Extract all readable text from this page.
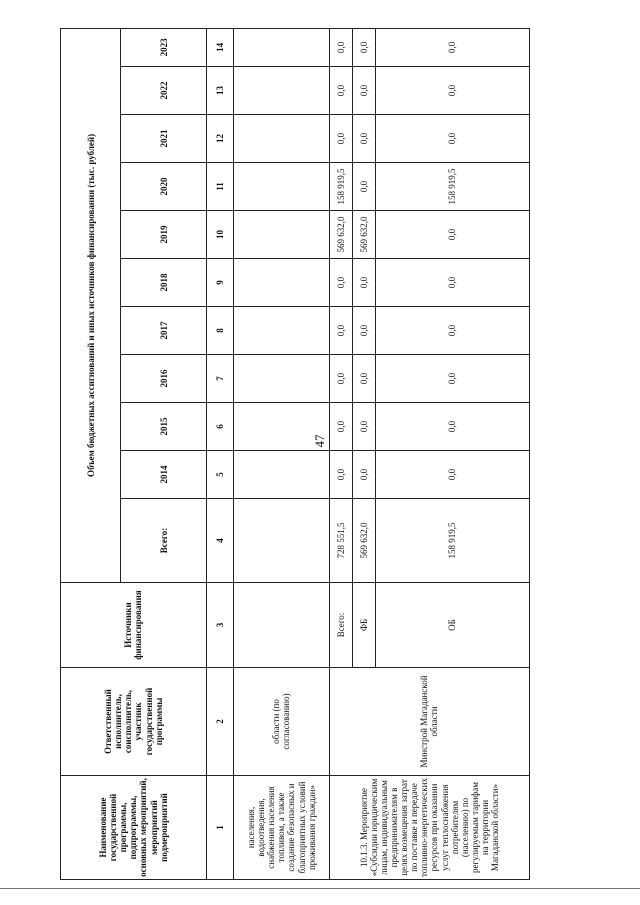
47
Наименование государственной программы, подпрограммы, основных мероприятий, мероприятий подмероприятий	Ответственный исполнитель, соисполнитель, участник государственной программы	Источники финансирования	Объем бюджетных ассигнований и иных источников финансирования (тыс. рублей)										
			Всего:	2014	2015	2016	2017	2018	2019	2020	2021	2022	2023
1	2	3	4	5	6	7	8	9	10	11	12	13	14
населения, водоотведения, снабжения населения топливом, а также создание безопасных и благоприятных условий проживания граждан»	области (по согласованию)												
10.1.3. Мероприятие «Субсидии юридическим лицам, индивидуальным предпринимателям в целях возмещения затрат по поставке и передаче топливно-энергетических ресурсов при оказании услуг теплоснабжения потребителям (населению) по регулируемым тарифам на территории Магаданской области»	Минстрой Магаданской области	Всего:	728 551,5	0,0	0,0	0,0	0,0	0,0	569 632,0	158 919,5	0,0	0,0	0,0
		ФБ	569 632,0	0,0	0,0	0,0	0,0	0,0	569 632,0	0,0	0,0	0,0	0,0
		ОБ	158 919,5	0,0	0,0	0,0	0,0	0,0	0,0	158 919,5	0,0	0,0	0,0
